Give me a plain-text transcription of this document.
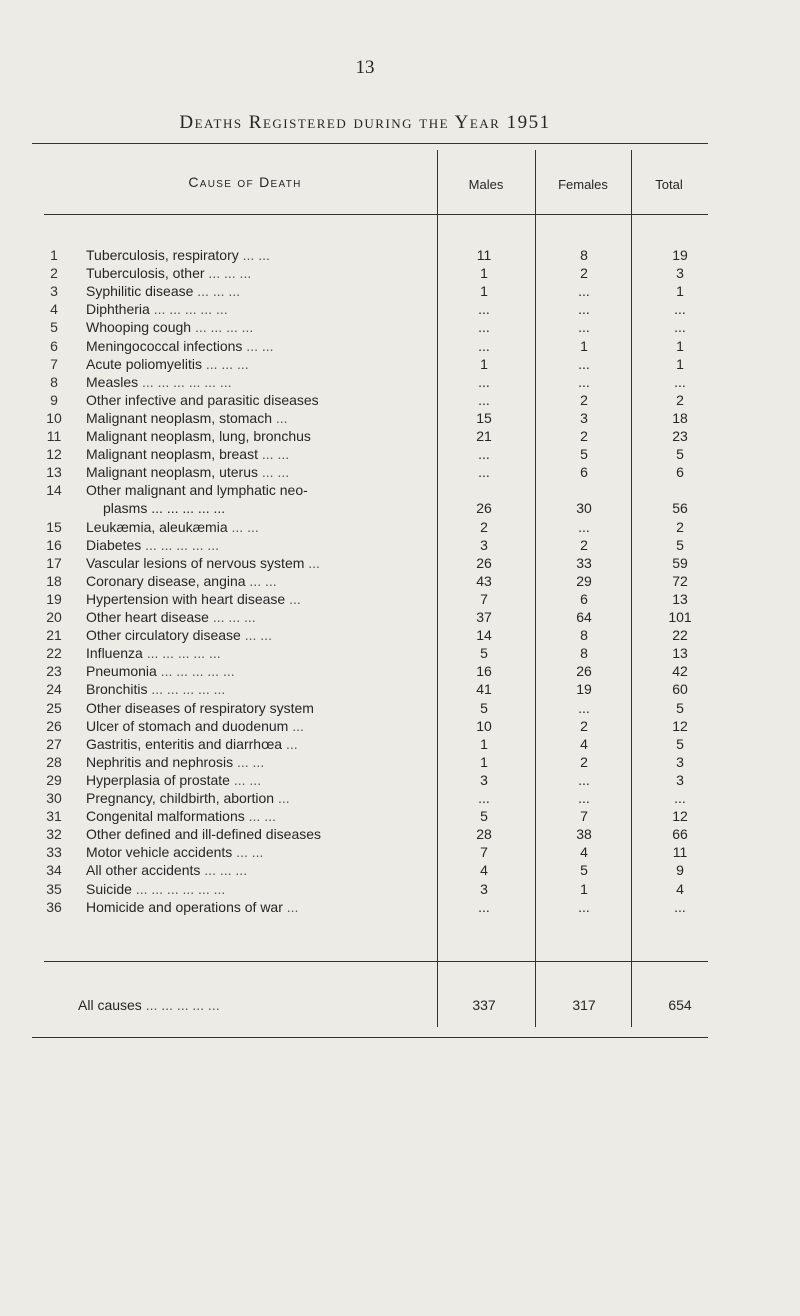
13
Deaths Registered during the Year 1951
Cause of Death	Males	Females	Total
1	Tuberculosis, respiratory ... ...	11	8	19
2	Tuberculosis, other ... ... ...	1	2	3
3	Syphilitic disease ... ... ...	1	...	1
4	Diphtheria ... ... ... ... ...	...	...	...
5	Whooping cough ... ... ... ...	...	...	...
6	Meningococcal infections ... ...	...	1	1
7	Acute poliomyelitis ... ... ...	1	...	1
8	Measles ... ... ... ... ... ...	...	...	...
9	Other infective and parasitic diseases	...	2	2
10	Malignant neoplasm, stomach ...	15	3	18
11	Malignant neoplasm, lung, bronchus	21	2	23
12	Malignant neoplasm, breast ... ...	...	5	5
13	Malignant neoplasm, uterus ... ...	...	6	6
14	Other malignant and lymphatic neo-
plasms ... ... ... ... ...	26	30	56
15	Leukæmia, aleukæmia ... ...	2	...	2
16	Diabetes ... ... ... ... ...	3	2	5
17	Vascular lesions of nervous system ...	26	33	59
18	Coronary disease, angina ... ...	43	29	72
19	Hypertension with heart disease ...	7	6	13
20	Other heart disease ... ... ...	37	64	101
21	Other circulatory disease ... ...	14	8	22
22	Influenza ... ... ... ... ...	5	8	13
23	Pneumonia ... ... ... ... ...	16	26	42
24	Bronchitis ... ... ... ... ...	41	19	60
25	Other diseases of respiratory system	5	...	5
26	Ulcer of stomach and duodenum ...	10	2	12
27	Gastritis, enteritis and diarrhœa ...	1	4	5
28	Nephritis and nephrosis ... ...	1	2	3
29	Hyperplasia of prostate ... ...	3	...	3
30	Pregnancy, childbirth, abortion ...	...	...	...
31	Congenital malformations ... ...	5	7	12
32	Other defined and ill-defined diseases	28	38	66
33	Motor vehicle accidents ... ...	7	4	11
34	All other accidents ... ... ...	4	5	9
35	Suicide ... ... ... ... ... ...	3	1	4
36	Homicide and operations of war ...	...	...	...
All causes ... ... ... ... ...	337	317	654
